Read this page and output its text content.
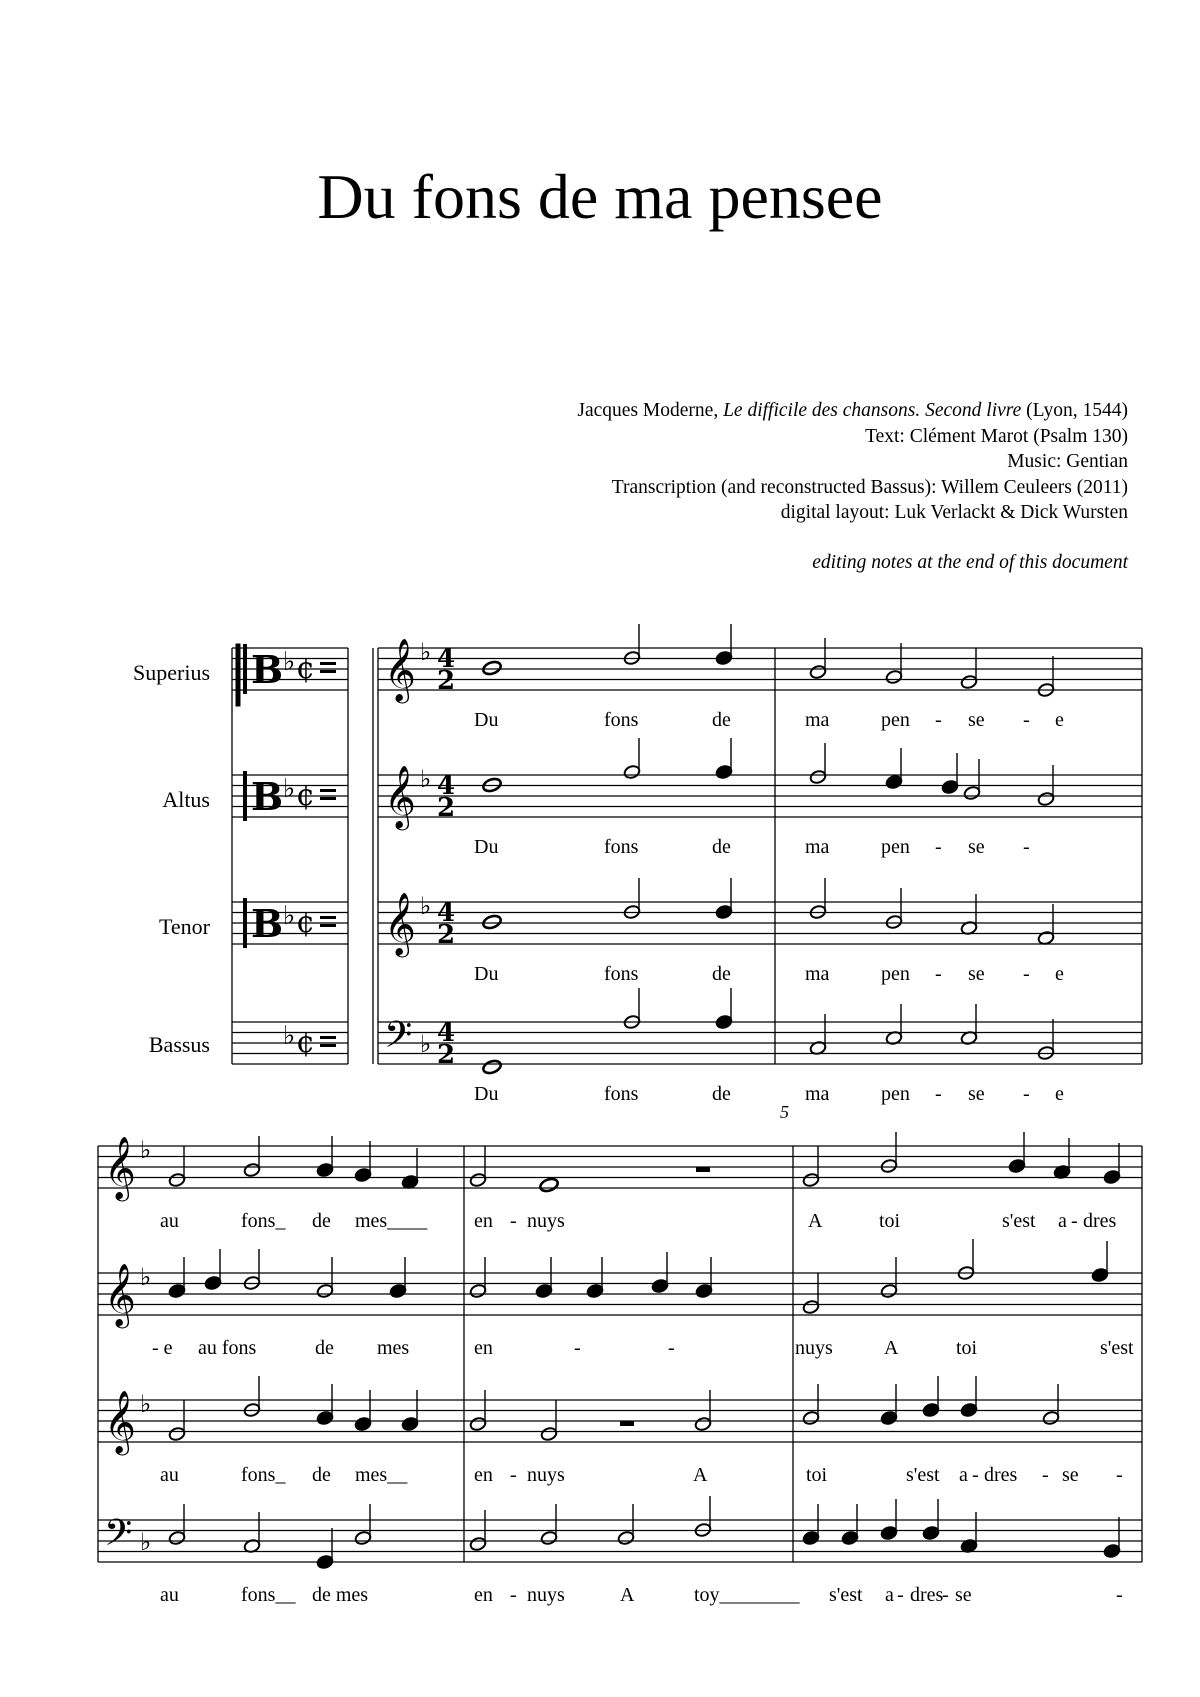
Du fons de ma pensee
Jacques Moderne, Le difficile des chansons. Second livre (Lyon, 1544)
Text: Clément Marot (Psalm 130)
Music: Gentian
Transcription (and reconstructed Bassus): Willem Ceuleers (2011)
digital layout: Luk Verlackt & Dick Wursten
editing notes at the end of this document
Superius
Altus
Tenor
Bassus
5
B ♭ ¢
B ♭ ¢
B ♭ ¢
♭ ¢
𝄞 ♭
𝄞 ♭
𝄞 ♭
𝄢 ♭
𝄞 ♭
𝄞 ♭
𝄞 ♭
𝄢 ♭
4
2
4
2
4
2
4
2
Du	fons	de	ma	pen - se - e
Du	fons	de	ma	pen - se -
Du	fons	de	ma	pen - se - e
Du	fons	de	ma	pen - se - e
au	fons_ de mes____ en - nuys	A	toi	s'est a - dres
- e au fons	de mes	en	-	-	nuys	A	toi	s'est
au	fons_ de mes__	en - nuys	A	toi	s'est a - dres - se -
au	fons__ de mes	en - nuys	A	toy________ s'est a - dres
- se	-
